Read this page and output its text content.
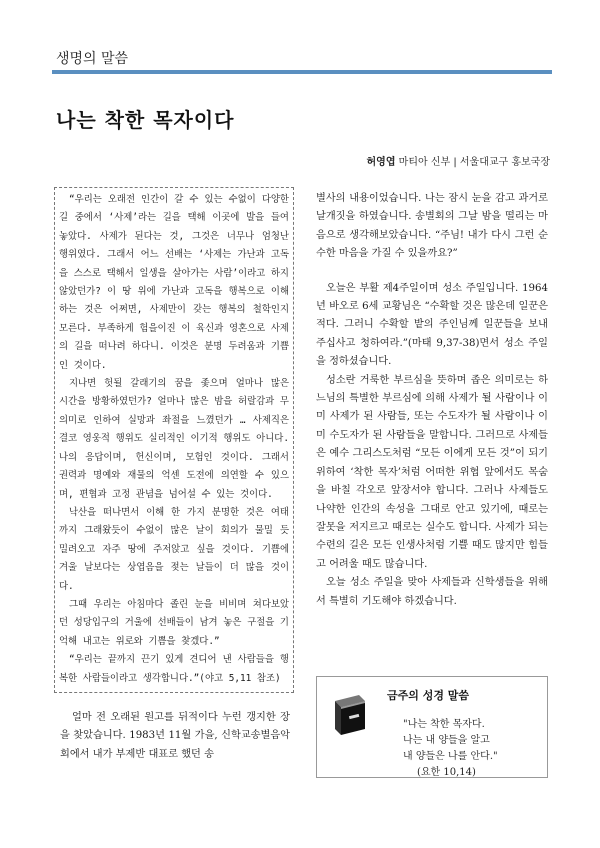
생명의 말씀
나는 착한 목자이다
허영엽 마티아 신부 | 서울대교구 홍보국장

“우리는 오래전 인간이 갈 수 있는 수없이 다양한 길 중에서 ‘사제’라는 길을 택해 이곳에 발을 들여놓았다. 사제가 된다는 것, 그것은 너무나 엄청난 행위였다. 그래서 어느 선배는 ‘사제는 가난과 고독을 스스로 택해서 일생을 살아가는 사람’이라고 하지 않았던가? 이 땅 위에 가난과 고독을 행복으로 이해하는 것은 어쩌면, 사제만이 갖는 행복의 철학인지 모른다. 부족하게 험을이진 이 육신과 영혼으로 사제의 길을 떠나려 하다니. 이것은 분명 두려움과 기쁨인 것이다.

지나면 헛될 갈래기의 꿈을 좇으며 얼마나 많은 시간을 방황하였던가? 얼마나 많은 밤을 허랄감과 무의미로 인하여 실망과 좌절을 느꼈던가 … 사제직은 결코 영웅적 행위도 실리적인 이기적 행위도 아니다. 나의 응답이며, 헌신이며, 모험인 것이다. 그래서 권력과 명예와 재물의 억센 도전에 의연할 수 있으며, 편협과 고정 관념을 넘어설 수 있는 것이다.

낙산을 떠나면서 이해 한 가지 분명한 것은 여태까지 그래왔듯이 수없이 많은 날이 회의가 물밀 듯 밀려오고 자주 땅에 주저앉고 싶을 것이다. 기쁨에 겨울 날보다는 상엽음을 젖는 날들이 더 많을 것이다.

그때 우리는 아침마다 졸린 눈을 비비며 쳐다보았던 성당입구의 거울에 선배들이 남겨 놓은 구절을 기억해 내고는 위로와 기쁨을 찾겠다.”

“우리는 끝까지 끈기 있게 견디어 낸 사람들을 행복한 사람들이라고 생각합니다.”(야고 5,11 참조)

얼마 전 오래된 원고를 뒤적이다 누런 갱지한 장을 찾았습니다. 1983년 11월 가을, 신학교송별음악회에서 내가 부제반 대표로 했던 송

별사의 내용이었습니다. 나는 잠시 눈을 감고 과거로 날개짓을 하였습니다. 송별회의 그날 밤을 떨리는 마음으로 생각해보았습니다. “주님! 내가 다시 그런 순수한 마음을 가질 수 있을까요?”

오늘은 부활 제4주일이며 성소 주일입니다. 1964년 바오로 6세 교황님은 “수확할 것은 많은데 일꾼은 적다. 그러니 수확할 밭의 주인님께 일꾼들을 보내 주십사고 청하여라.”(마태 9,37-38)면서 성소 주일을 정하셨습니다.

성소란 거룩한 부르심을 뜻하며 좁은 의미로는 하느님의 특별한 부르심에 의해 사제가 될 사람이나 이미 사제가 된 사람들, 또는 수도자가 될 사람이나 이미 수도자가 된 사람들을 말합니다. 그러므로 사제들은 예수 그리스도처럼 “모든 이에게 모든 것”이 되기 위하여 ‘착한 목자’처럼 어떠한 위협 앞에서도 목숨을 바칠 각오로 앞장서야 합니다. 그러나 사제들도 나약한 인간의 속성을 그대로 안고 있기에, 때로는 잘못을 저지르고 때로는 실수도 합니다. 사제가 되는 수련의 길은 모든 인생사처럼 기쁠 때도 많지만 힘들고 어려울 때도 많습니다.

오늘 성소 주일을 맞아 사제들과 신학생들을 위해서 특별히 기도해야 하겠습니다.

금주의 성경 말씀
"나는 착한 목자다.
나는 내 양들을 알고
내 양들은 나를 안다."
(요한 10,14)
